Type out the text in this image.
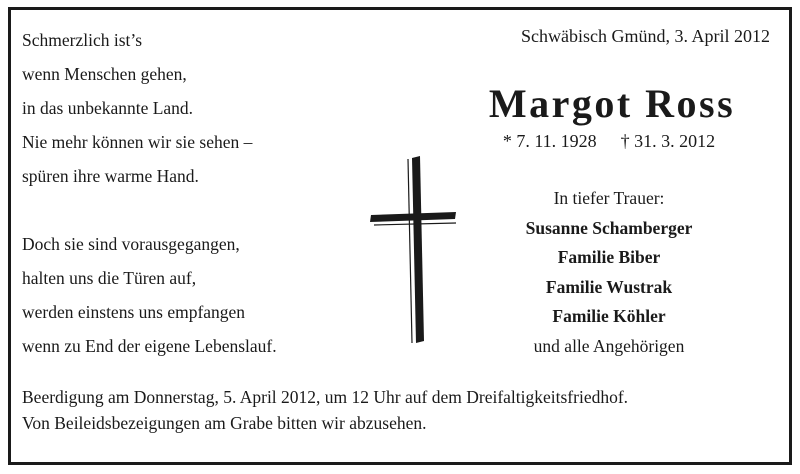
Schmerzlich ist’s
wenn Menschen gehen,
in das unbekannte Land.
Nie mehr können wir sie sehen –
spüren ihre warme Hand.
Doch sie sind vorausgegangen,
halten uns die Türen auf,
werden einstens uns empfangen
wenn zu End der eigene Lebenslauf.
Schwäbisch Gmünd, 3. April 2012
Margot Ross
* 7. 11. 1928 † 31. 3. 2012
In tiefer Trauer:
Susanne Schamberger
Familie Biber
Familie Wustrak
Familie Köhler
und alle Angehörigen
Beerdigung am Donnerstag, 5. April 2012, um 12 Uhr auf dem Dreifaltigkeitsfriedhof.
Von Beileidsbezeigungen am Grabe bitten wir abzusehen.
